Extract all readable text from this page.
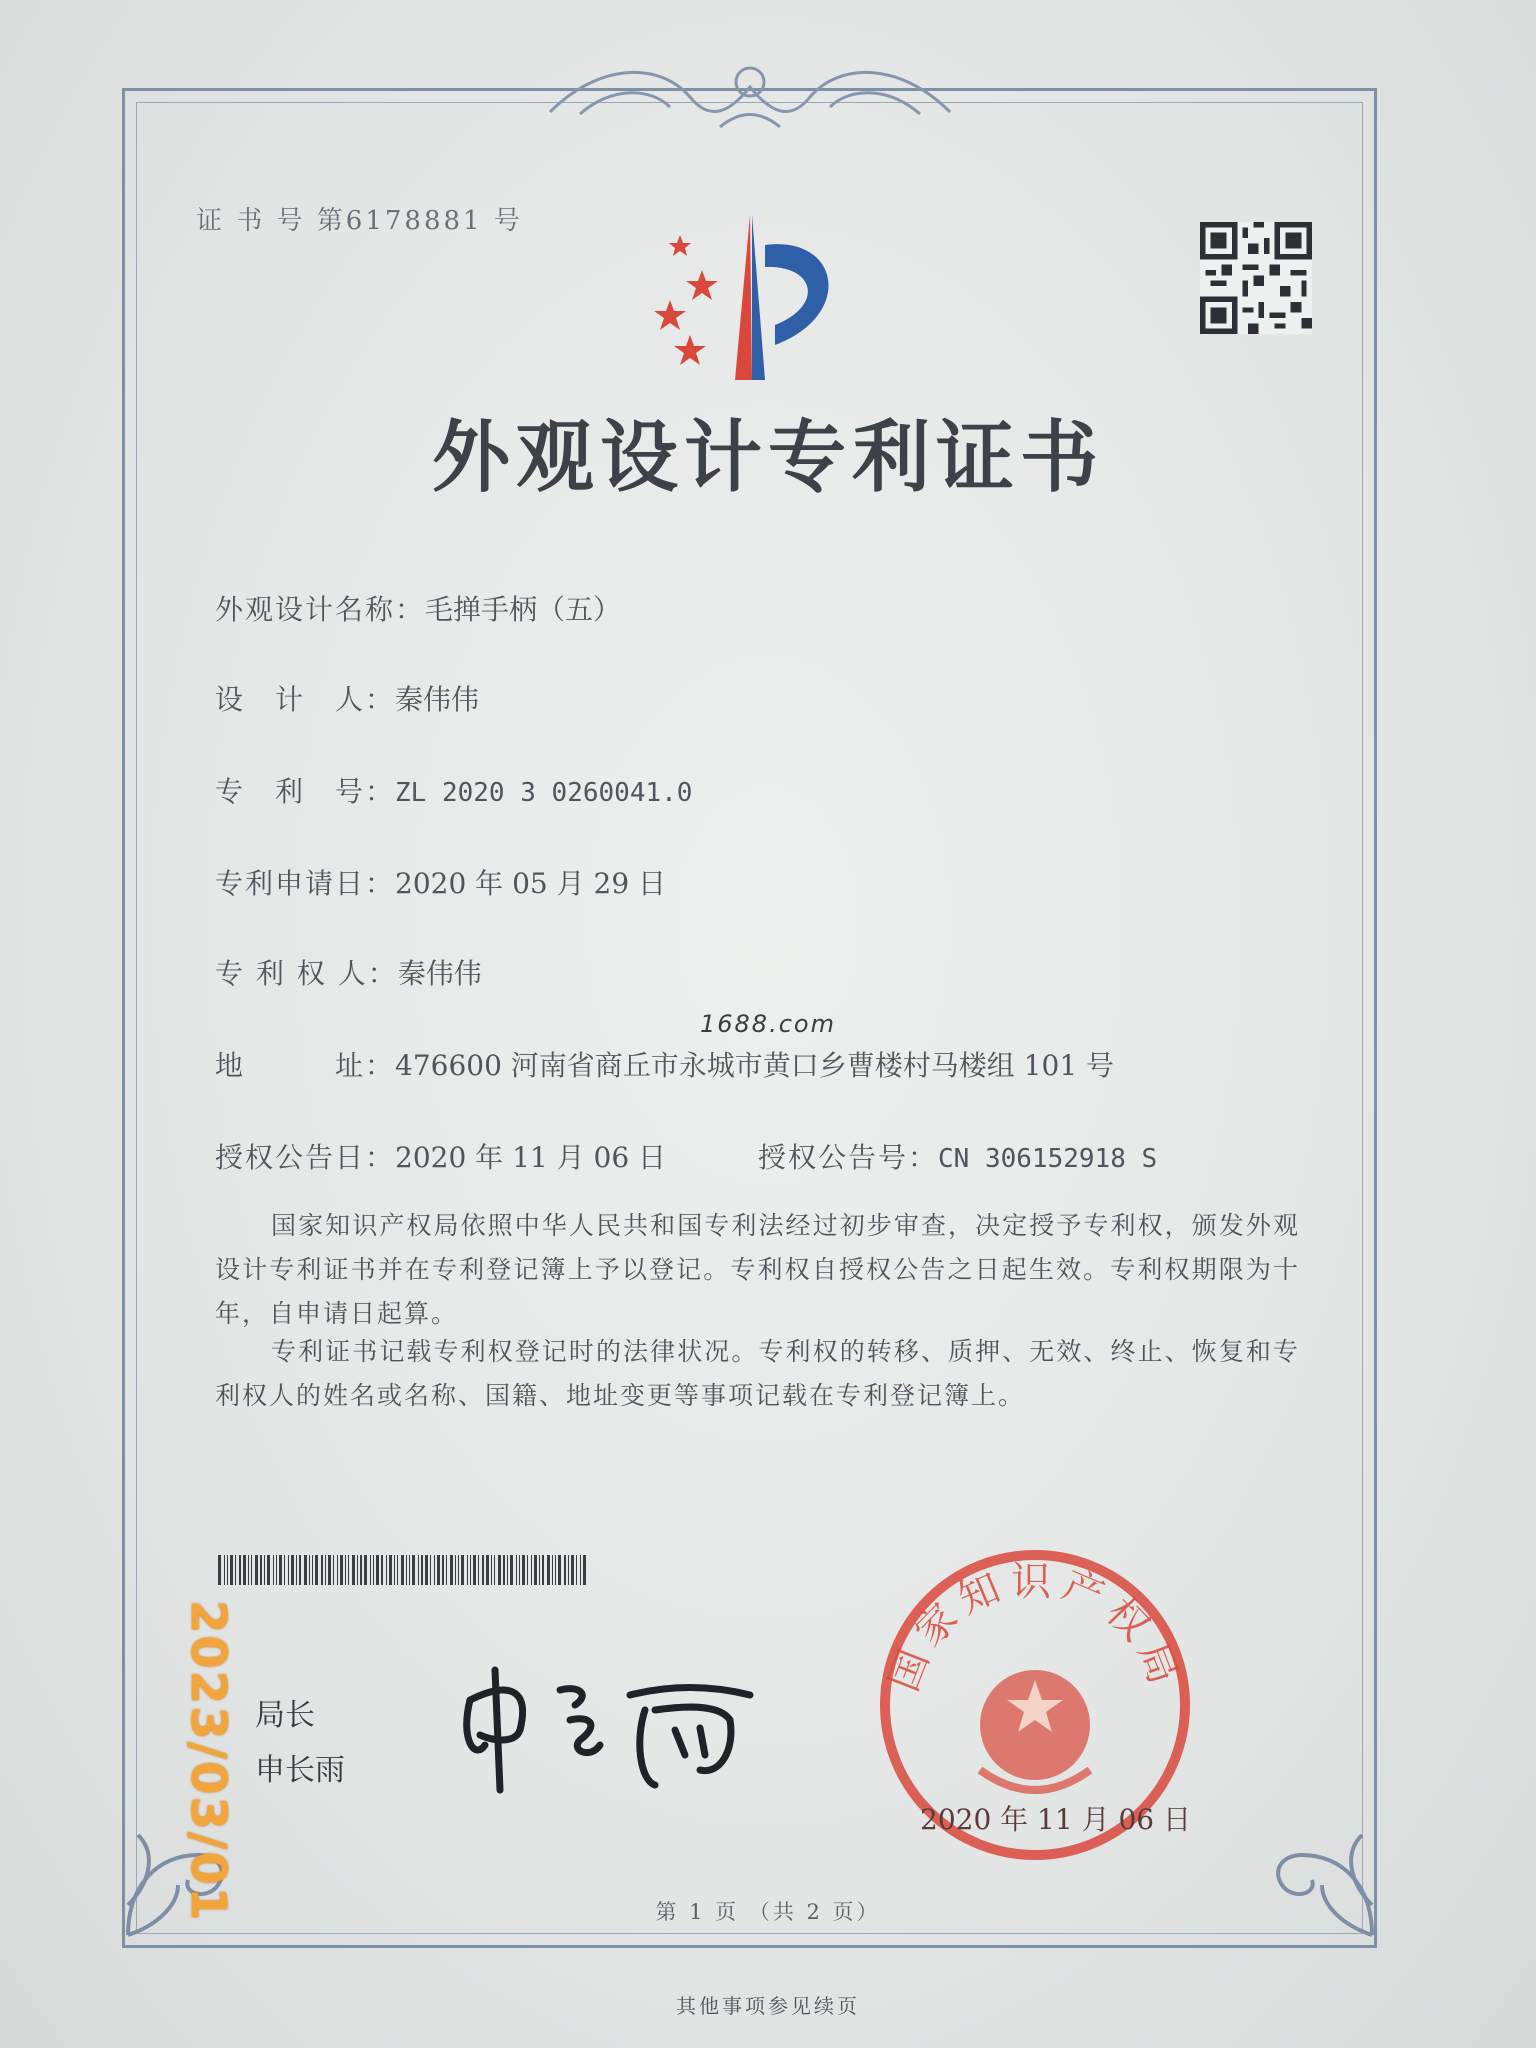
证 书 号 第6178881 号
外观设计专利证书
外观设计名称：毛掸手柄（五）
设　计　人：秦伟伟
专　利　号：ZL 2020 3 0260041.0
专利申请日：2020 年 05 月 29 日
专 利 权 人：秦伟伟
1688.com
地　　　址：476600 河南省商丘市永城市黄口乡曹楼村马楼组 101 号
授权公告日：2020 年 11 月 06 日	授权公告号：CN 306152918 S
国家知识产权局依照中华人民共和国专利法经过初步审查，决定授予专利权，颁发外观设计专利证书并在专利登记簿上予以登记。专利权自授权公告之日起生效。专利权期限为十年，自申请日起算。
专利证书记载专利权登记时的法律状况。专利权的转移、质押、无效、终止、恢复和专利权人的姓名或名称、国籍、地址变更等事项记载在专利登记簿上。
局长
申长雨
国家知识产权局
2020 年 11 月 06 日
2023/03/01	第 1 页 （共 2 页）
其他事项参见续页
